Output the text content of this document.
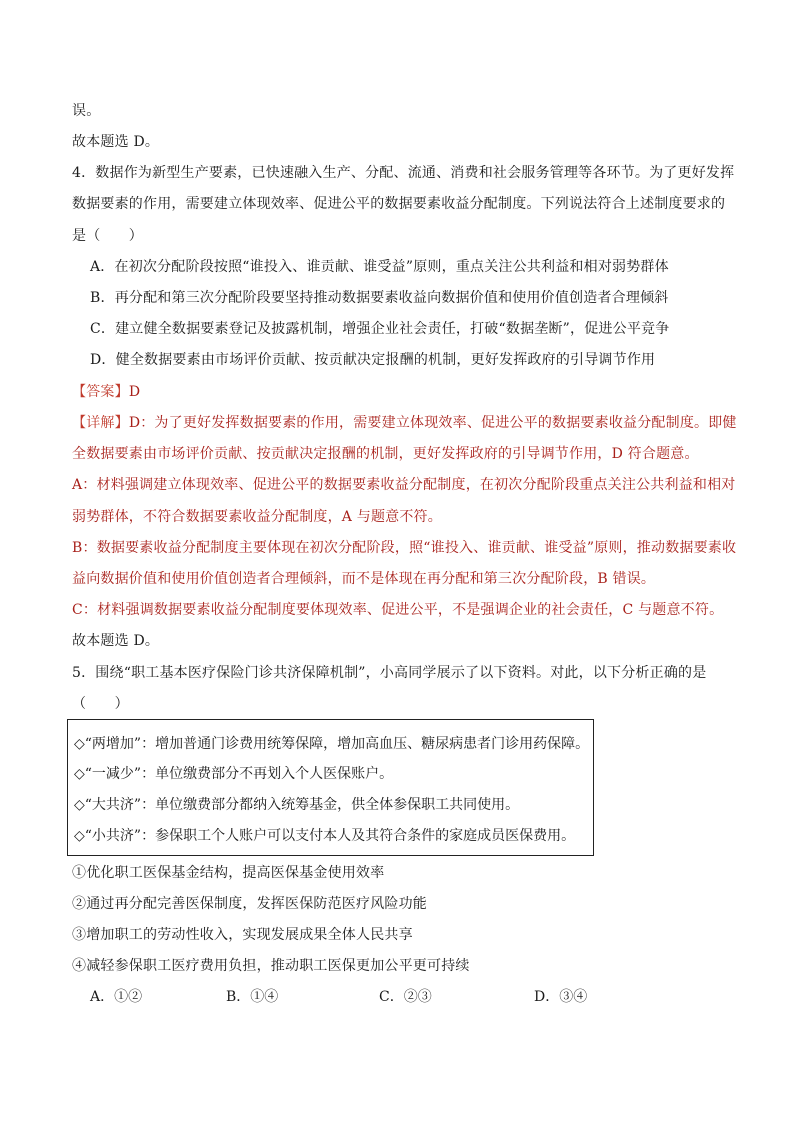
误。
故本题选 D。
4．数据作为新型生产要素，已快速融入生产、分配、流通、消费和社会服务管理等各环节。为了更好发挥
数据要素的作用，需要建立体现效率、促进公平的数据要素收益分配制度。下列说法符合上述制度要求的
是（　　）
A．在初次分配阶段按照“谁投入、谁贡献、谁受益”原则，重点关注公共利益和相对弱势群体
B．再分配和第三次分配阶段要坚持推动数据要素收益向数据价值和使用价值创造者合理倾斜
C．建立健全数据要素登记及披露机制，增强企业社会责任，打破“数据垄断”，促进公平竞争
D．健全数据要素由市场评价贡献、按贡献决定报酬的机制，更好发挥政府的引导调节作用
【答案】D
【详解】D：为了更好发挥数据要素的作用，需要建立体现效率、促进公平的数据要素收益分配制度。即健
全数据要素由市场评价贡献、按贡献决定报酬的机制，更好发挥政府的引导调节作用，D 符合题意。
A：材料强调建立体现效率、促进公平的数据要素收益分配制度，在初次分配阶段重点关注公共利益和相对
弱势群体，不符合数据要素收益分配制度，A 与题意不符。
B：数据要素收益分配制度主要体现在初次分配阶段，照“谁投入、谁贡献、谁受益”原则，推动数据要素收
益向数据价值和使用价值创造者合理倾斜，而不是体现在再分配和第三次分配阶段，B 错误。
C：材料强调数据要素收益分配制度要体现效率、促进公平，不是强调企业的社会责任，C 与题意不符。
故本题选 D。
5．围绕“职工基本医疗保险门诊共济保障机制”，小高同学展示了以下资料。对此，以下分析正确的是
（　　）
◇“两增加”：增加普通门诊费用统筹保障，增加高血压、糖尿病患者门诊用药保障。
◇“一减少”：单位缴费部分不再划入个人医保账户。
◇“大共济”：单位缴费部分都纳入统筹基金，供全体参保职工共同使用。
◇“小共济”：参保职工个人账户可以支付本人及其符合条件的家庭成员医保费用。
①优化职工医保基金结构，提高医保基金使用效率
②通过再分配完善医保制度，发挥医保防范医疗风险功能
③增加职工的劳动性收入，实现发展成果全体人民共享
④减轻参保职工医疗费用负担，推动职工医保更加公平更可持续
A．①②	B．①④	C．②③	D．③④
